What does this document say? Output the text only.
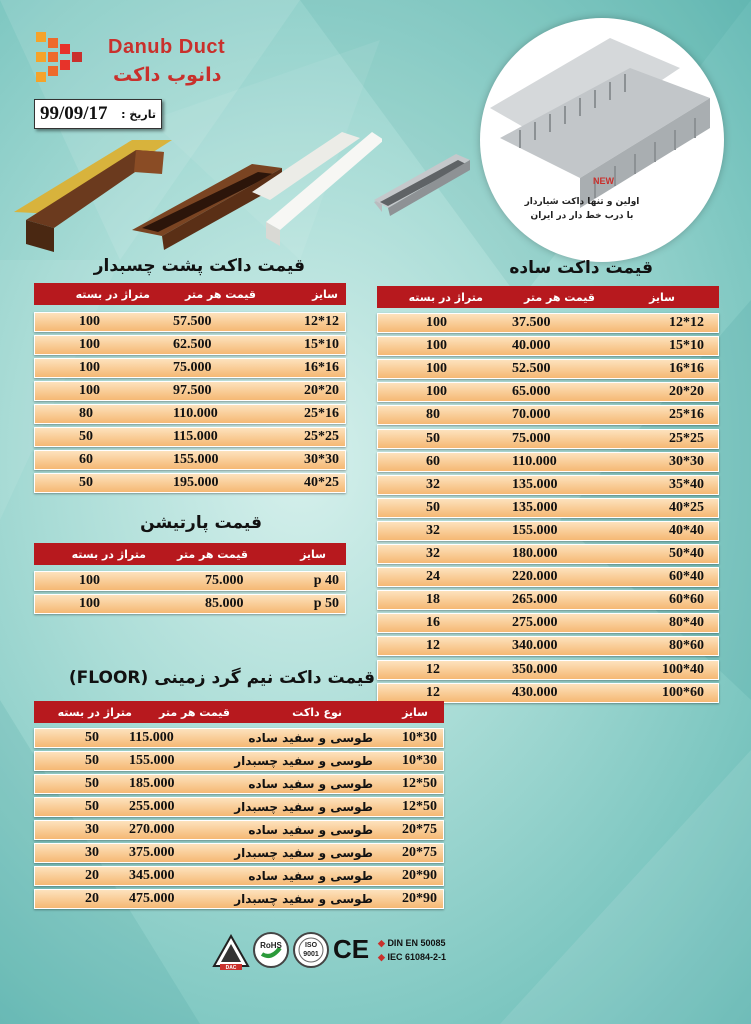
Danub Duct
دانوب داکت
99/09/17 تاریخ :
NEW
اولین و تنها داکت شیاردار
با درب خط دار در ایران
قیمت داکت پشت چسبدار
سایز
قیمت هر متر
متراژ در بسته
12*12
57.500
100
15*10
62.500
100
16*16
75.000
100
20*20
97.500
100
25*16
110.000
80
25*25
115.000
50
30*30
155.000
60
40*25
195.000
50
قیمت داکت ساده
سایز
قیمت هر متر
متراژ در بسته
12*12
37.500
100
15*10
40.000
100
16*16
52.500
100
20*20
65.000
100
25*16
70.000
80
25*25
75.000
50
30*30
110.000
60
35*40
135.000
32
40*25
135.000
50
40*40
155.000
32
50*40
180.000
32
60*40
220.000
24
60*60
265.000
18
80*40
275.000
16
80*60
340.000
12
100*40
350.000
12
100*60
430.000
12
قیمت پارتیشن
سایز
قیمت هر متر
متراژ در بسته
p 40
75.000
100
p 50
85.000
100
قیمت داکت نیم گرد زمینی (FLOOR)
سایز
نوع داکت
قیمت هر متر
متراژ در بسته
10*30
طوسی و سفید ساده
115.000
50
10*30
طوسی و سفید چسبدار
155.000
50
12*50
طوسی و سفید ساده
185.000
50
12*50
طوسی و سفید چسبدار
255.000
50
20*75
طوسی و سفید ساده
270.000
30
20*75
طوسی و سفید چسبدار
375.000
30
20*90
طوسی و سفید ساده
345.000
20
20*90
طوسی و سفید چسبدار
475.000
20
DAC
RoHS	ISO
9001 CE ◆ DIN EN 50085
◆ IEC 61084-2-1
